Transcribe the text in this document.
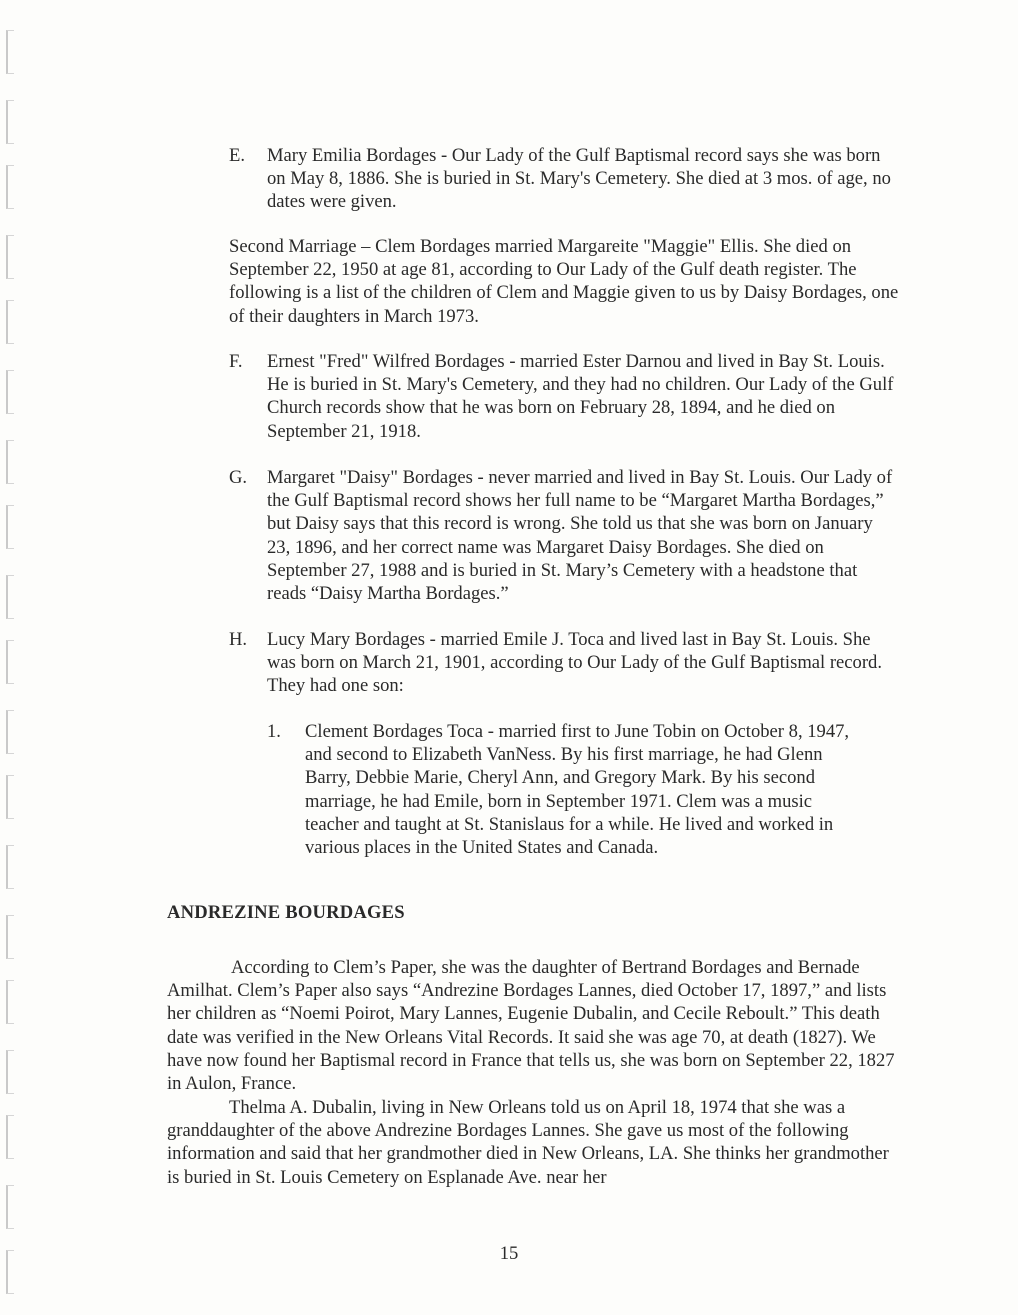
E. Mary Emilia Bordages - Our Lady of the Gulf Baptismal record says she was born on May 8, 1886. She is buried in St. Mary's Cemetery. She died at 3 mos. of age, no dates were given.
Second Marriage – Clem Bordages married Margareite "Maggie" Ellis. She died on September 22, 1950 at age 81, according to Our Lady of the Gulf death register. The following is a list of the children of Clem and Maggie given to us by Daisy Bordages, one of their daughters in March 1973.
F. Ernest "Fred" Wilfred Bordages - married Ester Darnou and lived in Bay St. Louis. He is buried in St. Mary's Cemetery, and they had no children. Our Lady of the Gulf Church records show that he was born on February 28, 1894, and he died on September 21, 1918.
G. Margaret "Daisy" Bordages - never married and lived in Bay St. Louis. Our Lady of the Gulf Baptismal record shows her full name to be “Margaret Martha Bordages,” but Daisy says that this record is wrong. She told us that she was born on January 23, 1896, and her correct name was Margaret Daisy Bordages. She died on September 27, 1988 and is buried in St. Mary’s Cemetery with a headstone that reads “Daisy Martha Bordages.”
H. Lucy Mary Bordages - married Emile J. Toca and lived last in Bay St. Louis. She was born on March 21, 1901, according to Our Lady of the Gulf Baptismal record. They had one son:
1. Clement Bordages Toca - married first to June Tobin on October 8, 1947, and second to Elizabeth VanNess. By his first marriage, he had Glenn Barry, Debbie Marie, Cheryl Ann, and Gregory Mark. By his second marriage, he had Emile, born in September 1971. Clem was a music teacher and taught at St. Stanislaus for a while. He lived and worked in various places in the United States and Canada.
ANDREZINE BOURDAGES
According to Clem’s Paper, she was the daughter of Bertrand Bordages and Bernade Amilhat. Clem’s Paper also says “Andrezine Bordages Lannes, died October 17, 1897,” and lists her children as “Noemi Poirot, Mary Lannes, Eugenie Dubalin, and Cecile Reboult.” This death date was verified in the New Orleans Vital Records. It said she was age 70, at death (1827). We have now found her Baptismal record in France that tells us, she was born on September 22, 1827 in Aulon, France.
Thelma A. Dubalin, living in New Orleans told us on April 18, 1974 that she was a granddaughter of the above Andrezine Bordages Lannes. She gave us most of the following information and said that her grandmother died in New Orleans, LA. She thinks her grandmother is buried in St. Louis Cemetery on Esplanade Ave. near her
15
